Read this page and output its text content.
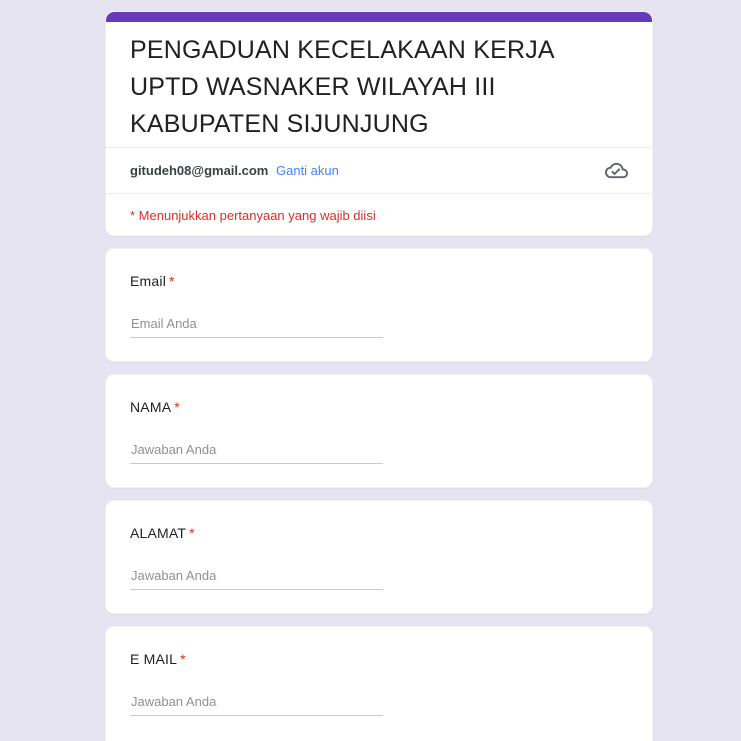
PENGADUAN KECELAKAAN KERJA UPTD WASNAKER WILAYAH III KABUPATEN SIJUNJUNG
gitudeh08@gmail.com Ganti akun
* Menunjukkan pertanyaan yang wajib diisi
Email *
Email Anda
NAMA *
Jawaban Anda
ALAMAT *
Jawaban Anda
E MAIL *
Jawaban Anda
